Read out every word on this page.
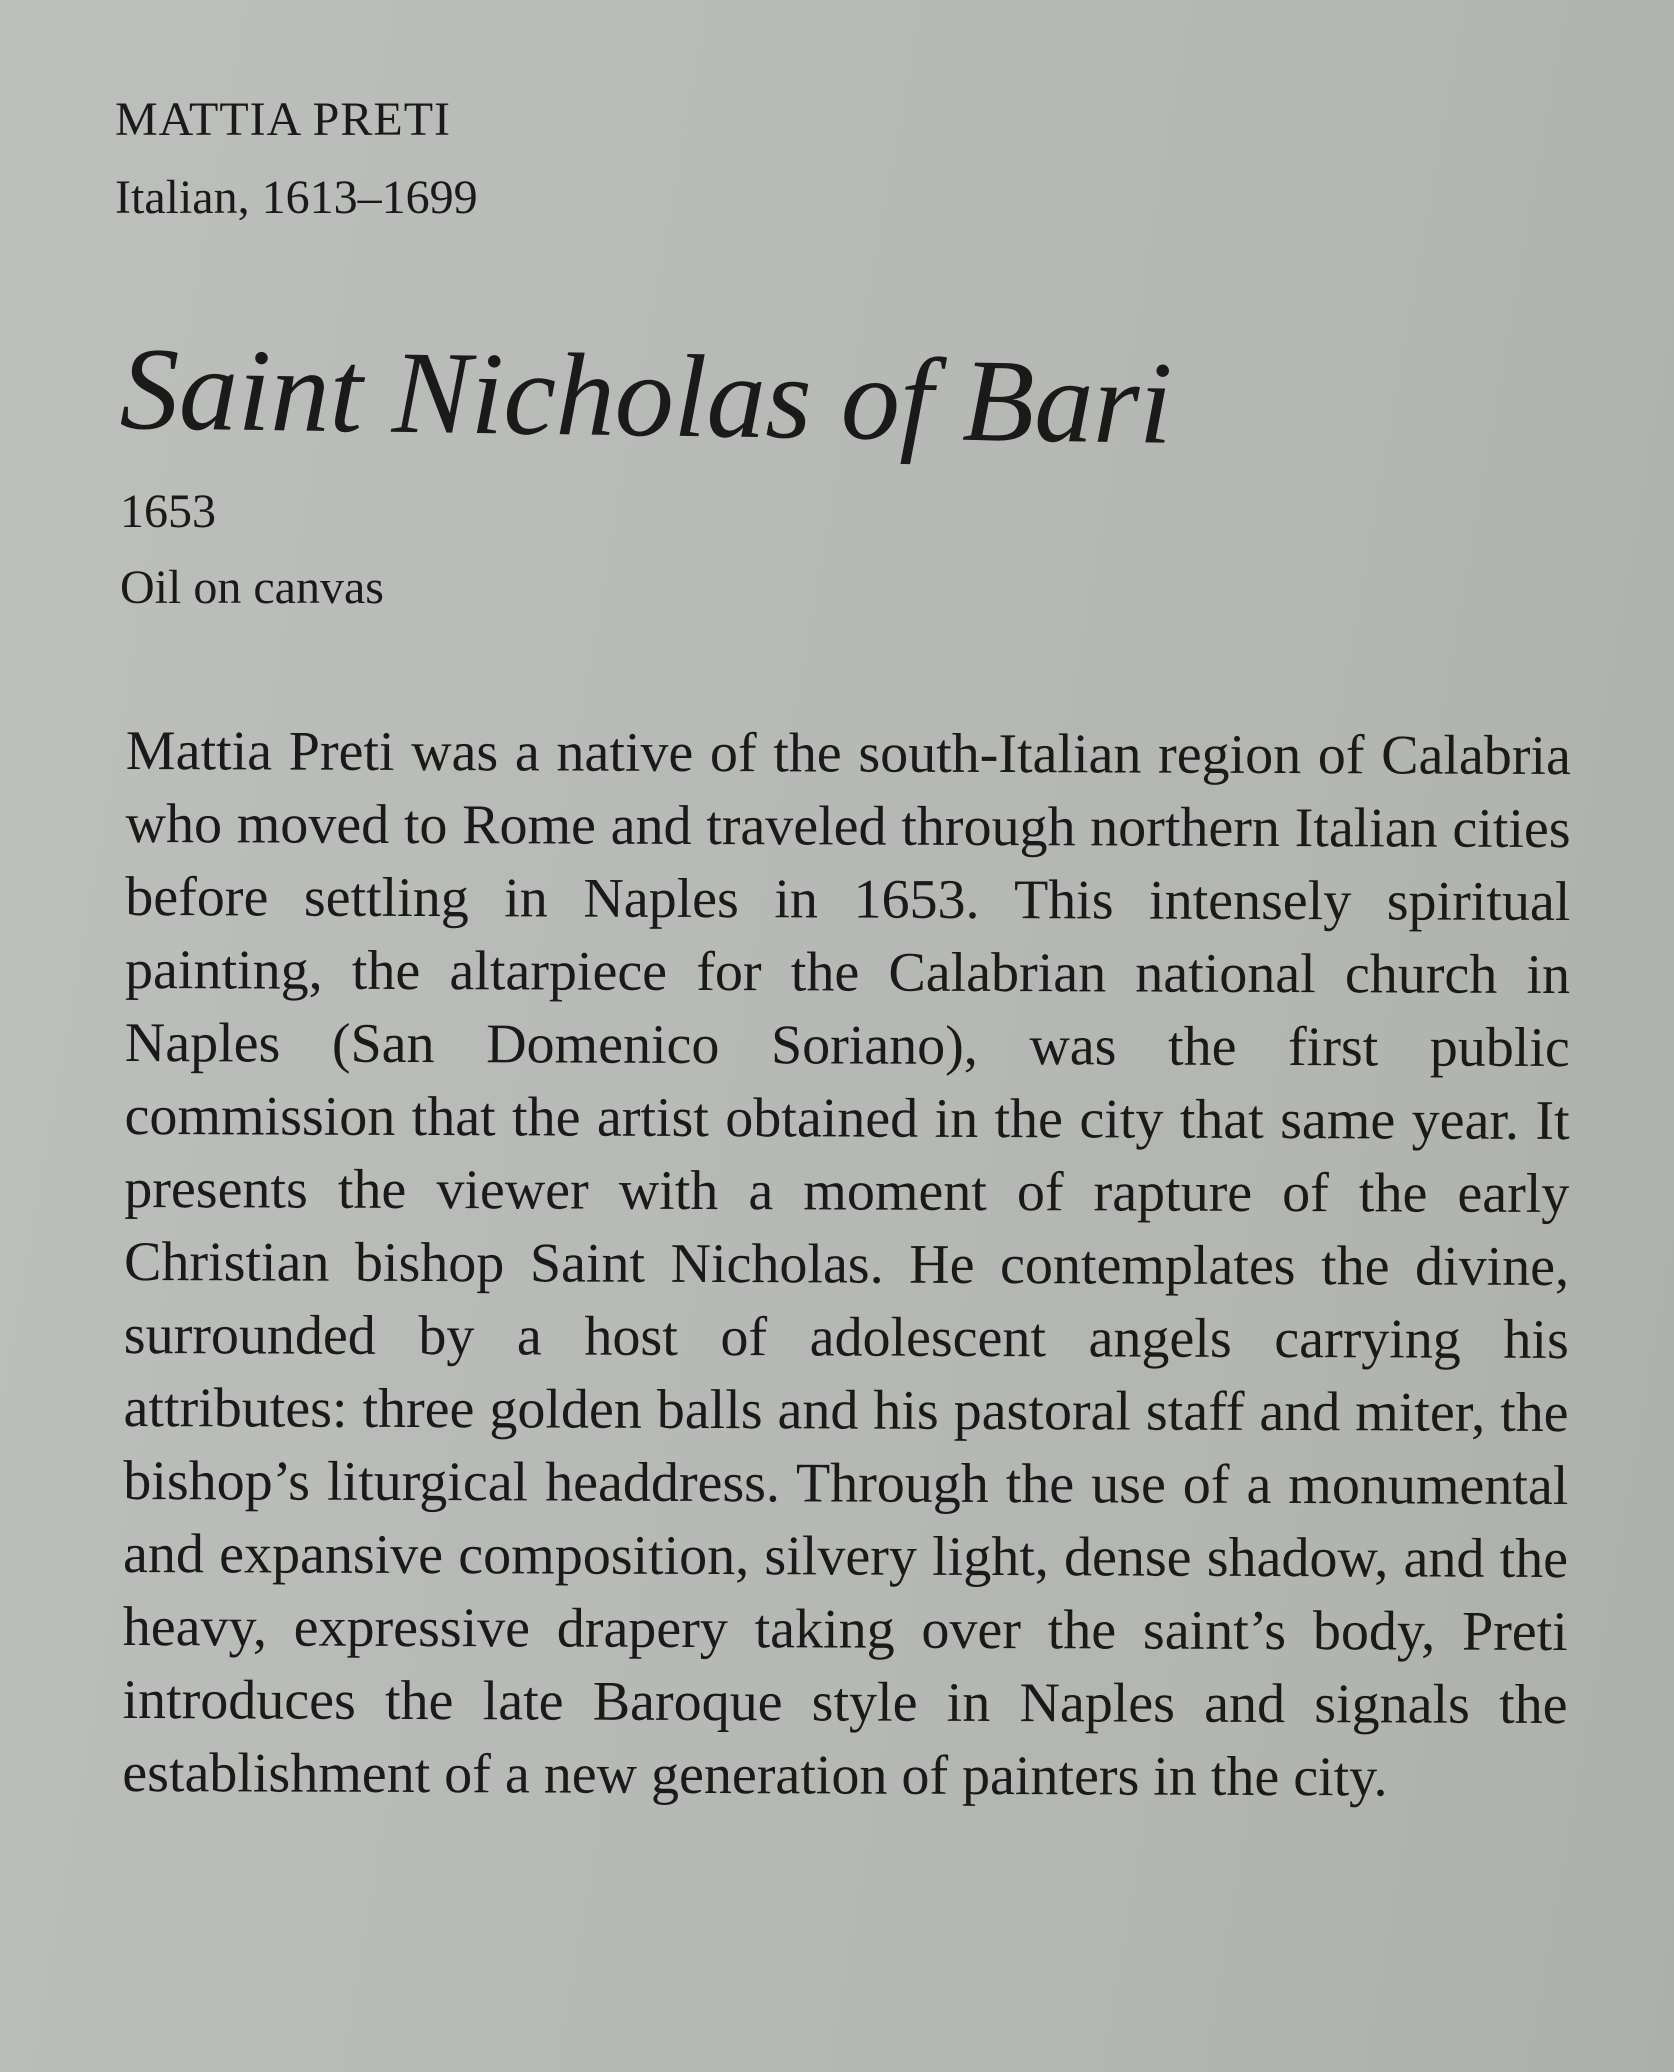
MATTIA PRETI

Italian, 1613–1699

Saint Nicholas of Bari

1653

Oil on canvas

Mattia Preti was a native of the south-Italian region of Calabria who moved to Rome and traveled through northern Italian cities before settling in Naples in 1653. This intensely spiritual painting, the altarpiece for the Calabrian national church in Naples (San Domenico Soriano), was the first public commission that the artist obtained in the city that same year. It presents the viewer with a moment of rapture of the early Christian bishop Saint Nicholas. He contemplates the divine, surrounded by a host of adolescent angels carrying his attributes: three golden balls and his pastoral staff and miter, the bishop’s liturgical headdress. Through the use of a monumental and expansive composition, silvery light, dense shadow, and the heavy, expressive drapery taking over the saint’s body, Preti introduces the late Baroque style in Naples and signals the establishment of a new generation of painters in the city.
